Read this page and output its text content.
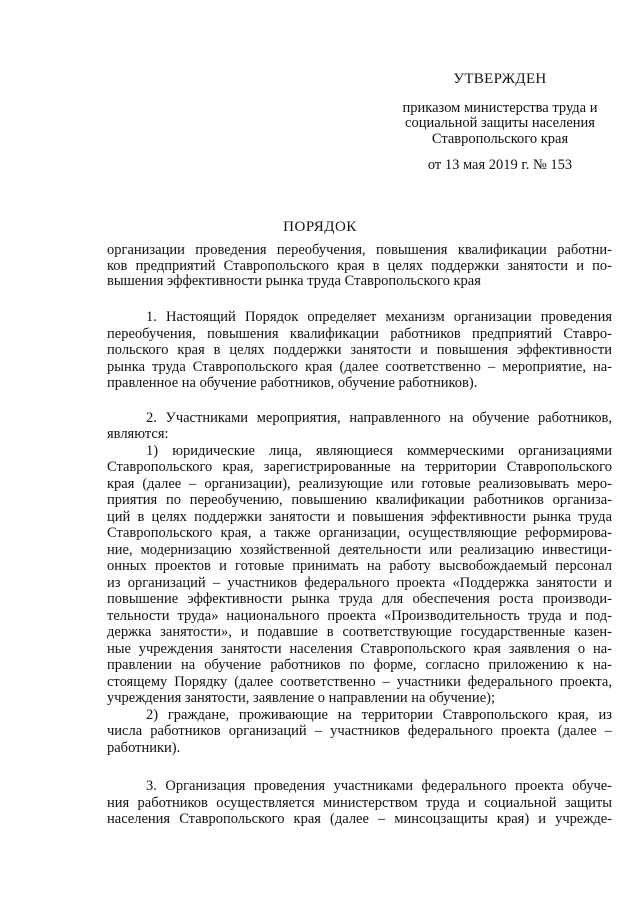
УТВЕРЖДЕН
приказом министерства труда и
социальной защиты населения
Ставропольского края
от 13 мая 2019 г. № 153
ПОРЯДОК
организации проведения переобучения, повышения квалификации работни-
ков предприятий Ставропольского края в целях поддержки занятости и по-
вышения эффективности рынка труда Ставропольского края

1. Настоящий Порядок определяет механизм организации проведения
переобучения, повышения квалификации работников предприятий Ставро-
польского края в целях поддержки занятости и повышения эффективности
рынка труда Ставропольского края (далее соответственно – мероприятие, на-
правленное на обучение работников, обучение работников).

2. Участниками мероприятия, направленного на обучение работников,
являются:

1) юридические лица, являющиеся коммерческими организациями
Ставропольского края, зарегистрированные на территории Ставропольского
края (далее – организации), реализующие или готовые реализовывать меро-
приятия по переобучению, повышению квалификации работников организа-
ций в целях поддержки занятости и повышения эффективности рынка труда
Ставропольского края, а также организации, осуществляющие реформирова-
ние, модернизацию хозяйственной деятельности или реализацию инвестици-
онных проектов и готовые принимать на работу высвобождаемый персонал
из организаций – участников федерального проекта «Поддержка занятости и
повышение эффективности рынка труда для обеспечения роста производи-
тельности труда» национального проекта «Производительность труда и под-
держка занятости», и подавшие в соответствующие государственные казен-
ные учреждения занятости населения Ставропольского края заявления о на-
правлении на обучение работников по форме, согласно приложению к на-
стоящему Порядку (далее соответственно – участники федерального проекта,
учреждения занятости, заявление о направлении на обучение);

2) граждане, проживающие на территории Ставропольского края, из
числа работников организаций – участников федерального проекта (далее –
работники).

3. Организация проведения участниками федерального проекта обуче-
ния работников осуществляется министерством труда и социальной защиты
населения Ставропольского края (далее – минсоцзащиты края) и учрежде-
